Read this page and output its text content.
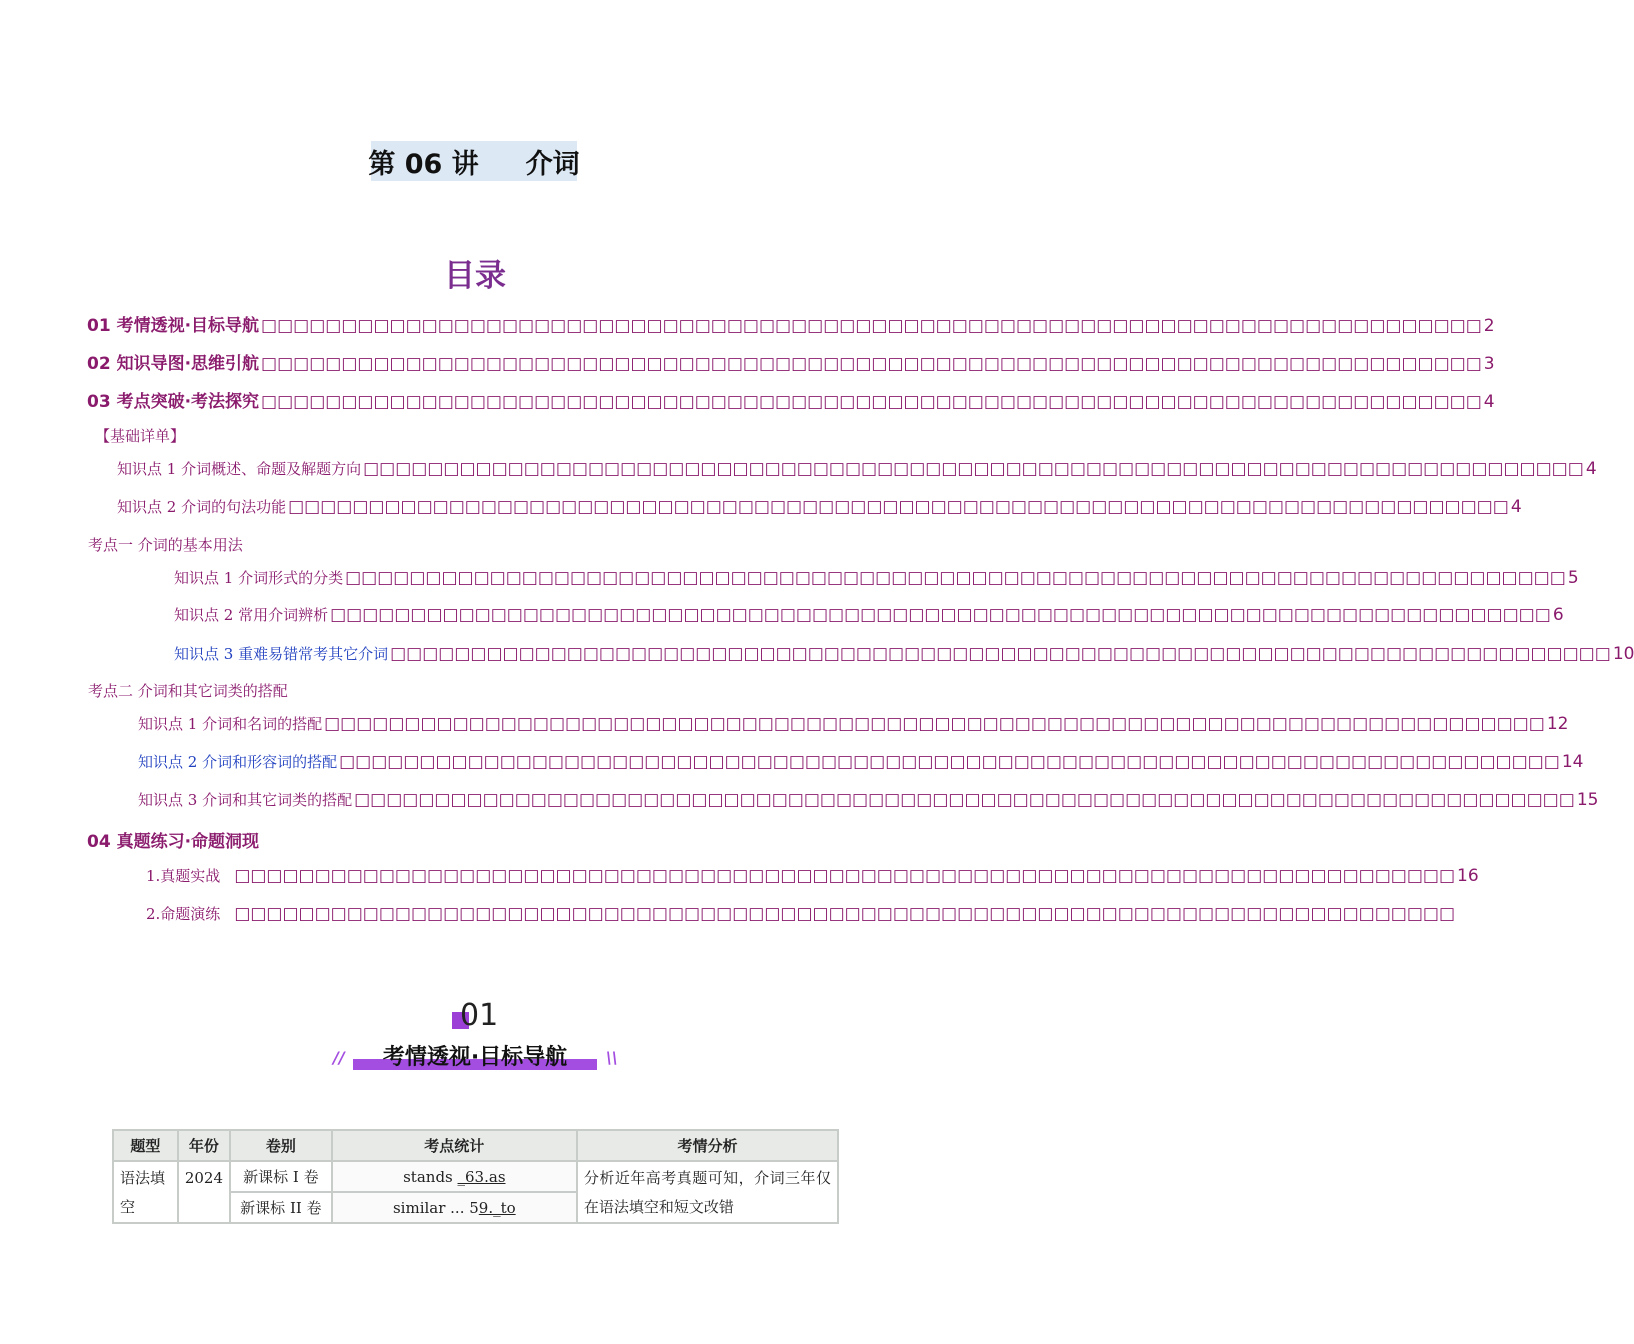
第 06 讲     介词
目录
01 考情透视·目标导航 □□□□□□□□□□□□□□□□□□□□□□□□□□□□□□□□□□□□□□□□□□□□□□□□□□□□□□□□□□□□□□□□□□□□□□□□□□□□ 2
02 知识导图·思维引航 □□□□□□□□□□□□□□□□□□□□□□□□□□□□□□□□□□□□□□□□□□□□□□□□□□□□□□□□□□□□□□□□□□□□□□□□□□□□ 3
03 考点突破·考法探究 □□□□□□□□□□□□□□□□□□□□□□□□□□□□□□□□□□□□□□□□□□□□□□□□□□□□□□□□□□□□□□□□□□□□□□□□□□□□ 4
【基础详单】
知识点 1 介词概述、命题及解题方向 □□□□□□□□□□□□□□□□□□□□□□□□□□□□□□□□□□□□□□□□□□□□□□□□□□□□□□□□□□□□□□□□□□□□□□□□□□□□ 4
知识点 2 介词的句法功能 □□□□□□□□□□□□□□□□□□□□□□□□□□□□□□□□□□□□□□□□□□□□□□□□□□□□□□□□□□□□□□□□□□□□□□□□□□□□ 4
考点一 介词的基本用法
知识点 1 介词形式的分类 □□□□□□□□□□□□□□□□□□□□□□□□□□□□□□□□□□□□□□□□□□□□□□□□□□□□□□□□□□□□□□□□□□□□□□□□□□□□ 5
知识点 2 常用介词辨析 □□□□□□□□□□□□□□□□□□□□□□□□□□□□□□□□□□□□□□□□□□□□□□□□□□□□□□□□□□□□□□□□□□□□□□□□□□□□ 6
知识点 3 重难易错常考其它介词 □□□□□□□□□□□□□□□□□□□□□□□□□□□□□□□□□□□□□□□□□□□□□□□□□□□□□□□□□□□□□□□□□□□□□□□□□□□□ 10
考点二 介词和其它词类的搭配
知识点 1 介词和名词的搭配 □□□□□□□□□□□□□□□□□□□□□□□□□□□□□□□□□□□□□□□□□□□□□□□□□□□□□□□□□□□□□□□□□□□□□□□□□□□□ 12
知识点 2 介词和形容词的搭配 □□□□□□□□□□□□□□□□□□□□□□□□□□□□□□□□□□□□□□□□□□□□□□□□□□□□□□□□□□□□□□□□□□□□□□□□□□□□ 14
知识点 3 介词和其它词类的搭配 □□□□□□□□□□□□□□□□□□□□□□□□□□□□□□□□□□□□□□□□□□□□□□□□□□□□□□□□□□□□□□□□□□□□□□□□□□□□ 15
04 真题练习·命题洞现
1.真题实战 □□□□□□□□□□□□□□□□□□□□□□□□□□□□□□□□□□□□□□□□□□□□□□□□□□□□□□□□□□□□□□□□□□□□□□□□□□□□ 16
2.命题演练 □□□□□□□□□□□□□□□□□□□□□□□□□□□□□□□□□□□□□□□□□□□□□□□□□□□□□□□□□□□□□□□□□□□□□□□□□□□□
01
//	考情透视·目标导航	\\
题型	年份	卷别	考点统计	考情分析
语法填空	2024	新课标 I 卷	stands _63.as	分析近年高考真题可知，介词三年仅在语法填空和短文改错
		新课标 II 卷	similar ... 59._to	
